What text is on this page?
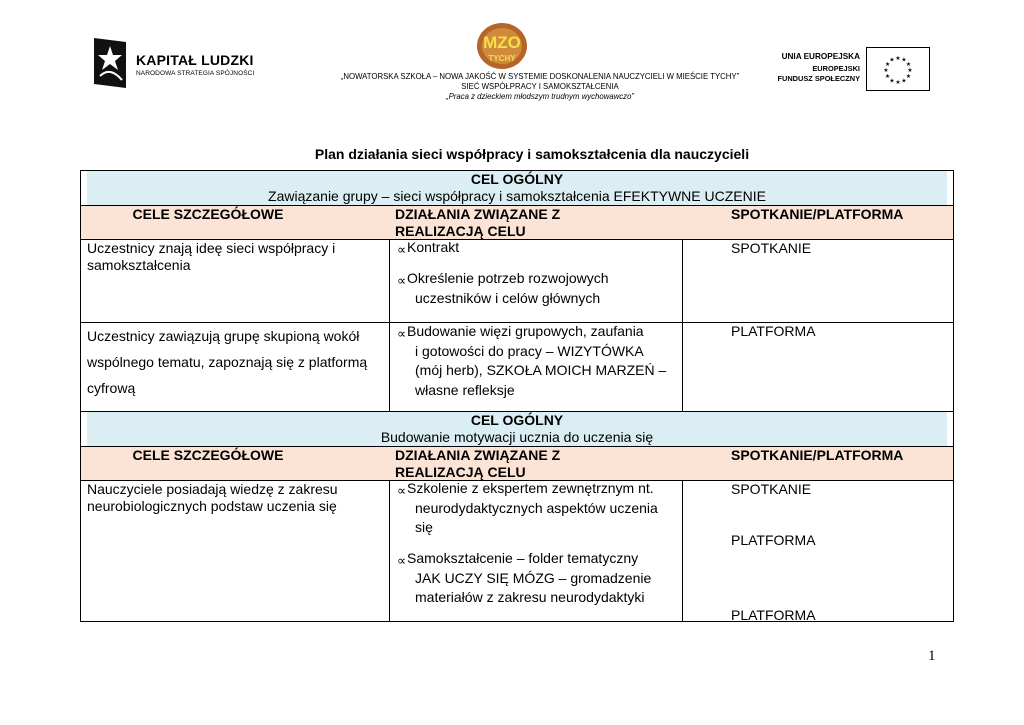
KAPITAŁ LUDZKI
NARODOWA STRATEGIA SPÓJNOŚCI
MZO
TYCHY
„NOWATORSKA SZKOŁA – NOWA JAKOŚĆ W SYSTEMIE DOSKONALENIA NAUCZYCIELI W MIEŚCIE TYCHY”
SIEĆ WSPÓŁPRACY I SAMOKSZTAŁCENIA
„Praca z dzieckiem młodszym trudnym wychowawczo”
UNIA EUROPEJSKA
EUROPEJSKI
FUNDUSZ SPOŁECZNY
★ ★
★
★
★
★
★
★
★
★
★
★
Plan działania sieci współpracy i samokształcenia dla nauczycieli
CEL OGÓLNY
Zawiązanie grupy – sieci współpracy i samokształcenia EFEKTYWNE UCZENIE
CELE SZCZEGÓŁOWE	DZIAŁANIA ZWIĄZANE Z
REALIZACJĄ CELU
SPOTKANIE/PLATFORMA
Uczestnicy znają ideę sieci współpracy i
samokształcenia
∝ Kontrakt
∝ Określenie potrzeb rozwojowych
uczestników i celów głównych
SPOTKANIE
Uczestnicy zawiązują grupę skupioną wokół
wspólnego tematu, zapoznają się z platformą
cyfrową
∝ Budowanie więzi grupowych, zaufania
i gotowości do pracy – WIZYTÓWKA
(mój herb), SZKOŁA MOICH MARZEŃ –
własne refleksje
PLATFORMA
CEL OGÓLNY
Budowanie motywacji ucznia do uczenia się
CELE SZCZEGÓŁOWE	DZIAŁANIA ZWIĄZANE Z
REALIZACJĄ CELU
SPOTKANIE/PLATFORMA
Nauczyciele posiadają wiedzę z zakresu
neurobiologicznych podstaw uczenia się
∝ Szkolenie z ekspertem zewnętrznym nt.
neurodydaktycznych aspektów uczenia
się
∝ Samokształcenie – folder tematyczny
JAK UCZY SIĘ MÓZG – gromadzenie
materiałów z zakresu neurodydaktyki
SPOTKANIE
PLATFORMA
PLATFORMA
1
